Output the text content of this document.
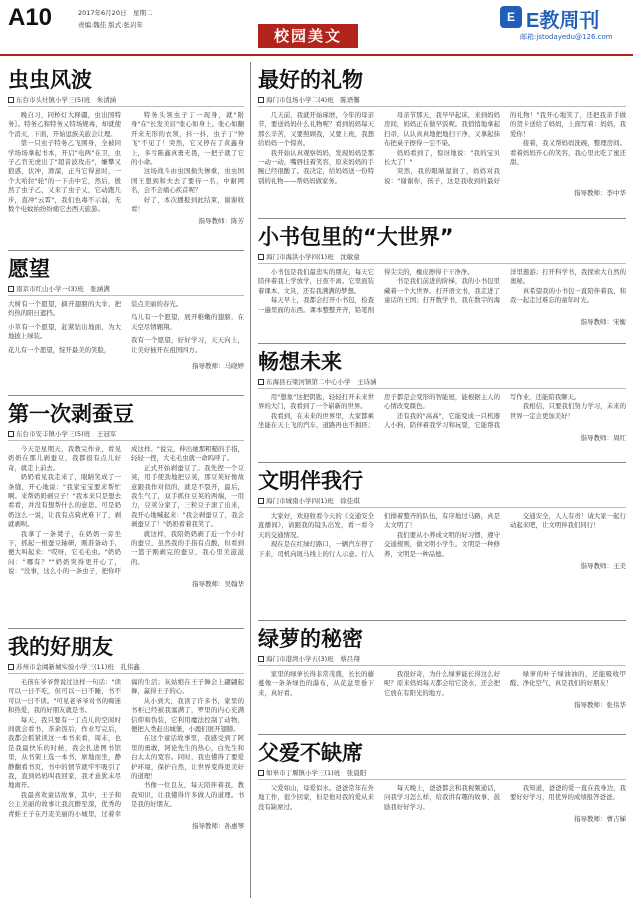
A10	2017年6月20日　星期二
责编:魏佳 版式:张岩年
校园美文
E E教周刊
邮箱:jstodayedu@126.com
虫虫风波
东台市头灶镇小学三(5)班　朱清涵

晚自习，同桥灯大释疆，虫出国特务｝。特务乙和特务乂特场规毒，却就使个消灭，下面，开始逗族关旅会让理。

第一只虫子特务乙飞围身，全被同学场场拿起书本，开启"电两"在卫，虫子乙官无虎出了"超音波攻击"，嫌攀又狼惑，伏冲，滑溜，正当它得意时，一个大哈拉"轮"的一下击中它，然后，殷然了虫子乙，又来了虫子乂，它动跑几步，直冲"云霄"，我们也毒不示弱，无数个电蚊拍纷纷痛它去西天旅游。

特务头领虫子丁一现身，就"附身"在"长发美眉"张心如身上。张心如翻开来无形的衣领，抖一抖，虫子丁"钟飞"不见了！突然，它又停在了黄鑫身上，多亏陈鑫真勇无畏，一把子就了它的小命。

这场战斗由虫国损失惨重，虫虫国国王想到和夫去了要待一名，中耐网名，会不会痛心疾首呢？

好了，本次播报到此结束，谢谢收看！

指导教师：陈芳
愿望
南京市红山小学一(3)班　张涵满

大树有一个愿望，摘开翅膀的大伞，把灼热的阳日遮挡。

小草有一个愿望，赶紧钻出地面，为大地披上绿装。

花儿有一个愿望，绽开最美的笑脸，

装点美丽的春光。

鸟儿有一个愿望，展开稚嫩的翅膀，在天空尽情翱翔。

我有一个愿望，好好学习，天天向上，让美好插开在祖国四方。

指导教师：马晓婷
第一次剥蚕豆
东台市安丰镇小学三(5)班　王冠军

今天是星期天，我教完作业，看见奶奶在那儿剥蚕豆，我都很有点儿好奇，就走上前去。

奶奶看见我走来了，眼睛笑成了一条缝，开心地说："我家宝宝要来帮忙啊。来帮奶奶剥豆子！"我本来只是想去看看，并没有想帮什么的意思。可是奶奶这么一说，让我有点骑虎难下了，剥就剥呗。

我拿了一条凳子，在奶奶一旁坐下，抓起一根蚕豆轴研，刚准备动手，便大叫起来："哎呀，它毛毛虫。"奶奶问："哪有？""奶奶突得更开心了，说："没事，这么小的一条虫子，把你吓成这样。"说完，伸出她那粗糙的手指，轻轻一捏，大毛毛虫就一命呜呼了。

正式开始剥蚕豆了。我先捏一个豆荚，用手使劲地把豆荚，那豆荚好像故意跟我作对似的，就是不裂开，最后，我生气了，双手抓住豆荚的两端，一用力，豆荚分家了，三粒豆子滚了出来，我开心地喊起来："我会剥蚕豆了，我会剥蚕豆了！"奶奶看着我笑了。

就这样，我陪奶奶剥了近一个小时的蚕豆，虽然我的手指有点酸，但看到一篮子刚剥完的蚕豆，我心里美滋滋的。

指导教师：吴翰华
我的好朋友
苏州市金阊新城实验小学三(11)班　孔伟鑫

毛孩在爷爷曾说过这样一句话："读可以一日不吃，但可以一日不睡，书不可以一日不读。"可见老爷爷对书的痴迷和热爱，我的好朋友就是书。

每天，我只要有一丁点儿的空闲时间就会看书，茶余饭后，作业写完后，我都会抓紧读这一本书来看，周末，也是我最快乐的时候，我会扎进图书馆里，从书架上选一本书，席地而坐，静静翻看书页，书中的情节就牢牢吸引了我，直到妈妈叫我回家，我才意犹未尽地离开。

我最喜欢童话故事，其中，王子和公主美丽的故事让我沉醉至深，优秀的青蛙王子在丹麦美丽的小城里，过着幸福的生活；灰姑娘在王子舞会上翩翩起舞，赢得王子的心。

从小到大，我读了许多书，家里的书柜已经被我塞满了，罗里的内心充满信仰和伪装，它利用魔法控制了动物，便把人类赶出城堡，小鹿们展开翅膀。

在这个童话故事里，我感受到了阿里的勇敢，阿论先生的热心，白先生和白太太的宽容。同时，我也懂得了要爱护环境，保护自然，让世界变得更美好的道理！

书像一位良友，每天陪伴着我，教我知识，让我懂得许多做人的道理。书是我的好朋友。

指导教师：孙惠琴
最好的礼物
海门市包场小学二(4)班　陈语馨

几天前，我就开始琢磨，今年的母亲节，要送妈妈什么礼物呢？看到妈妈每天那么辛苦，又要照顾我，又要上班，我想给妈妈一个惊喜。

我开始认真观察妈妈，发现妈妈是那一动一动，嘴唇挂着笑容，原来妈妈的手腕已经很酸了。我决定，给妈妈送一份特别的礼物——帮妈妈做家务。

母亲节那天，我早早起床，来到妈妈房间，妈妈正在做早饭呢。我悄悄地拿起扫帚，认认真真地把地扫干净，又拿起抹布把桌子擦得一尘不染。

妈妈看到了，惊讶地说："我的宝贝长大了！"

突然，我的眼睛湿润了，妈妈对我说："谢谢你，孩子，这是我收到的最好的礼物！"我开心地笑了，还把我亲手做的贺卡送给了妈妈，上面写着：妈妈，我爱你！

接着，我又帮妈妈洗碗，整理房间。看着妈妈开心的笑容，我心里比吃了蜜还甜。

指导教师：李中华
小书包里的“大世界”
海门市海洪小学四(1)班　沈敏童

小书包是我们最忠实的朋友，每天它陪伴着我上学放学，日夜不离。它里面装着课本、文具，还有我满满的梦想。

每天早上，我都会打开小书包，检查一遍里面的东西。课本整整齐齐，铅笔削得尖尖的，橡皮擦得干干净净。

书是我们前进的阶梯，我的小书包里藏着一个大世界。打开语文书，我走进了童话的王国；打开数学书，我在数字的海洋里遨游；打开科学书，我探索大自然的奥秘。

真希望我的小书包一直陪伴着我，和我一起走过难忘的童年时光。

指导教师：宋衡
畅想未来
东海县石梁河镇第二中心小学　王诗涵

用"想象"这把钥匙，轻轻打开未来世界的大门，我看到了一个崭新的世界。

我看到，在未来的世界里，大家都乘坐能在天上飞的汽车，道路再也不拥挤；房子都是会变形的智能屋，能根据主人的心情改变颜色。

还有我的"高高"，它能变成一只机器人小狗，陪伴着我学习和玩耍，它能帮我写作业，还能陪我聊天。

我相信，只要我们努力学习，未来的世界一定会更加美好！

指导教师：周红
文明伴我行
海门市城南小学四(1)班　徐佳琪

大家好，欢迎收看今天的《交通安全直播间》，请跟我的镜头出发，看一看今天的交通情况。

现在是在红绿灯路口，一辆汽车停了下来，司机向斑马线上的行人示意。行人们排着整齐的队伍，有序地过马路，真是太文明了！

我们要从小养成文明的好习惯，遵守交通规则，做文明小学生。文明是一种修养，文明是一种品德。

交通安全，人人有责！请大家一起行动起来吧，让文明伴我们同行！

指导教师：王美
绿萝的秘密
海门市港湾小学五(3)班　蔡吕翔

家里的绿萝长得非常茂盛，长长的藤蔓像一条条绿色的瀑布，从花盆里垂下来，真好看。

我很好奇，为什么绿萝能长得这么好呢？原来妈妈每天都会给它浇水，还会把它放在有阳光的地方。

绿萝的叶子绿油油的，还能吸收甲醛、净化空气，真是我们的好朋友！

指导教师：张伟华
父爱不缺席
如皋市丁堰镇小学三(1)班　张晨阳

父爱如山，母爱似水。爸爸常年在外地工作，很少回家，但是他对我的爱从来没有缺席过。

每天晚上，爸爸都会和我视频通话，问我学习怎么样，给我讲有趣的故事，鼓励我好好学习。

我知道，爸爸的爱一直在我身边，我要好好学习，用优异的成绩报答爸爸。

指导教师：曹吉娣
